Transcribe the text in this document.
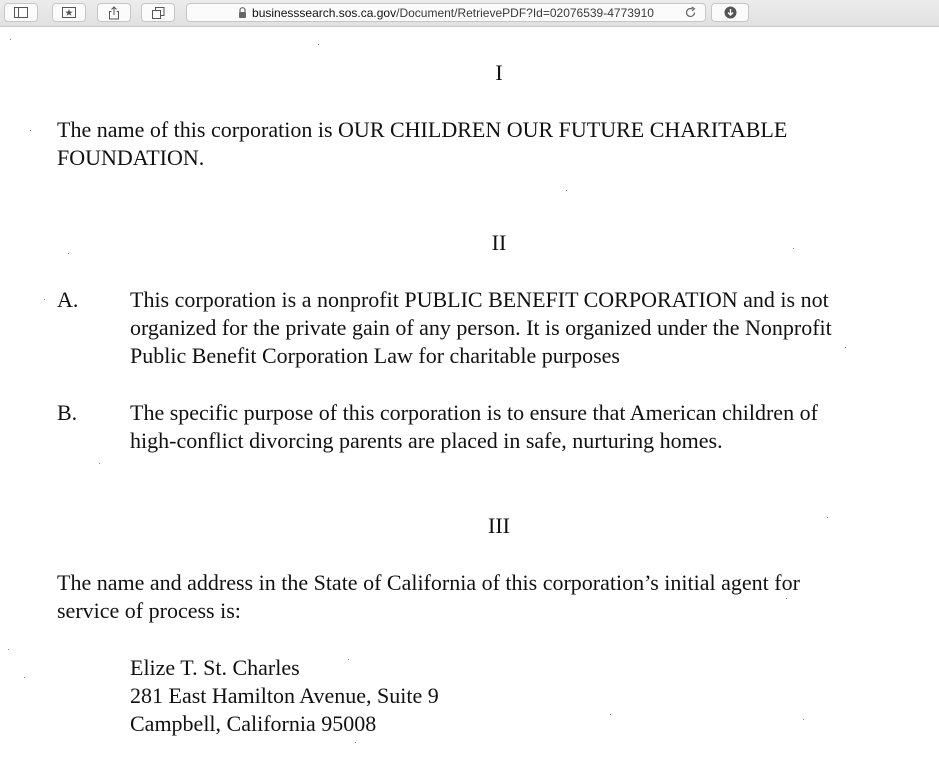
businesssearch.sos.ca.gov/Document/RetrievePDF?Id=02076539-4773910
I
The name of this corporation is OUR CHILDREN OUR FUTURE CHARITABLE
FOUNDATION.
II
A. This corporation is a nonprofit PUBLIC BENEFIT CORPORATION and is not
organized for the private gain of any person. It is organized under the Nonprofit
Public Benefit Corporation Law for charitable purposes
B. The specific purpose of this corporation is to ensure that American children of
high-conflict divorcing parents are placed in safe, nurturing homes.
III
The name and address in the State of California of this corporation’s initial agent for
service of process is:
Elize T. St. Charles
281 East Hamilton Avenue, Suite 9
Campbell, California 95008
